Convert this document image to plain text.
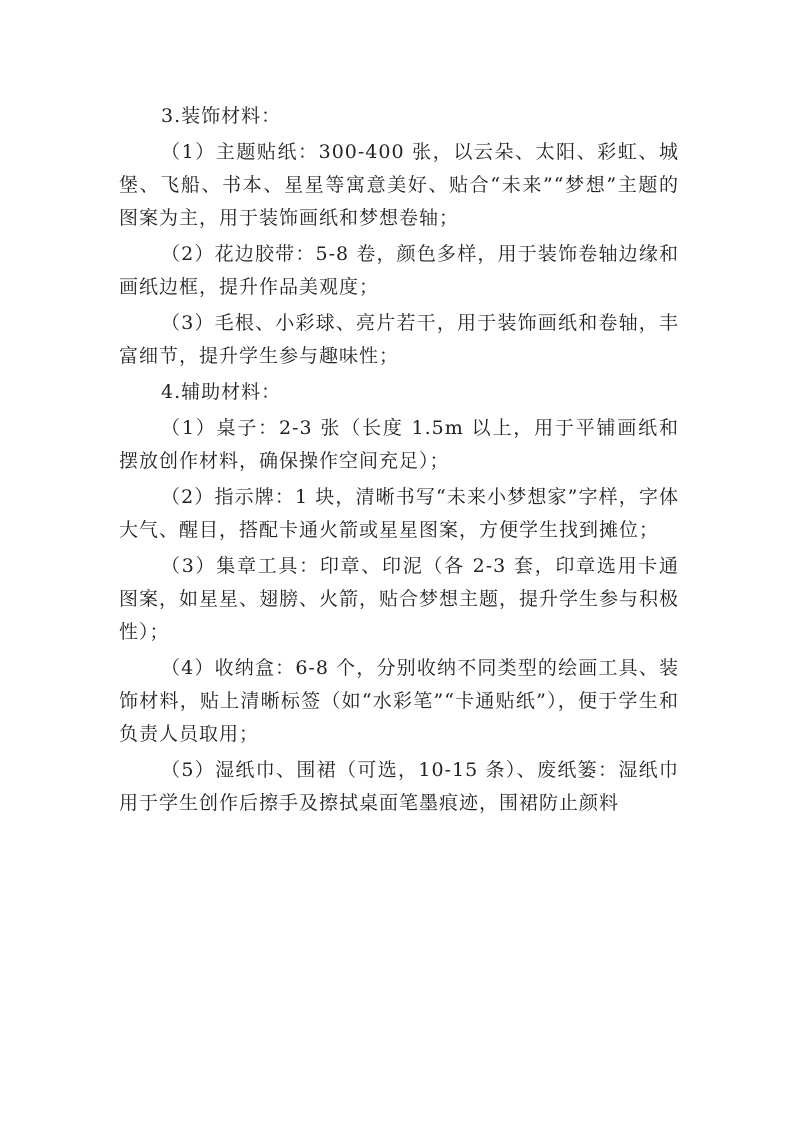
3.装饰材料：

（1）主题贴纸：300-400 张，以云朵、太阳、彩虹、城堡、飞船、书本、星星等寓意美好、贴合“未来”“梦想”主题的图案为主，用于装饰画纸和梦想卷轴；

（2）花边胶带：5-8 卷，颜色多样，用于装饰卷轴边缘和画纸边框，提升作品美观度；

（3）毛根、小彩球、亮片若干，用于装饰画纸和卷轴，丰富细节，提升学生参与趣味性；

4.辅助材料：

（1）桌子：2-3 张（长度 1.5m 以上，用于平铺画纸和摆放创作材料，确保操作空间充足）；

（2）指示牌：1 块，清晰书写“未来小梦想家”字样，字体大气、醒目，搭配卡通火箭或星星图案，方便学生找到摊位；

（3）集章工具：印章、印泥（各 2-3 套，印章选用卡通图案，如星星、翅膀、火箭，贴合梦想主题，提升学生参与积极性）；

（4）收纳盒：6-8 个，分别收纳不同类型的绘画工具、装饰材料，贴上清晰标签（如“水彩笔”“卡通贴纸”），便于学生和负责人员取用；

（5）湿纸巾、围裙（可选，10-15 条）、废纸篓：湿纸巾用于学生创作后擦手及擦拭桌面笔墨痕迹，围裙防止颜料
